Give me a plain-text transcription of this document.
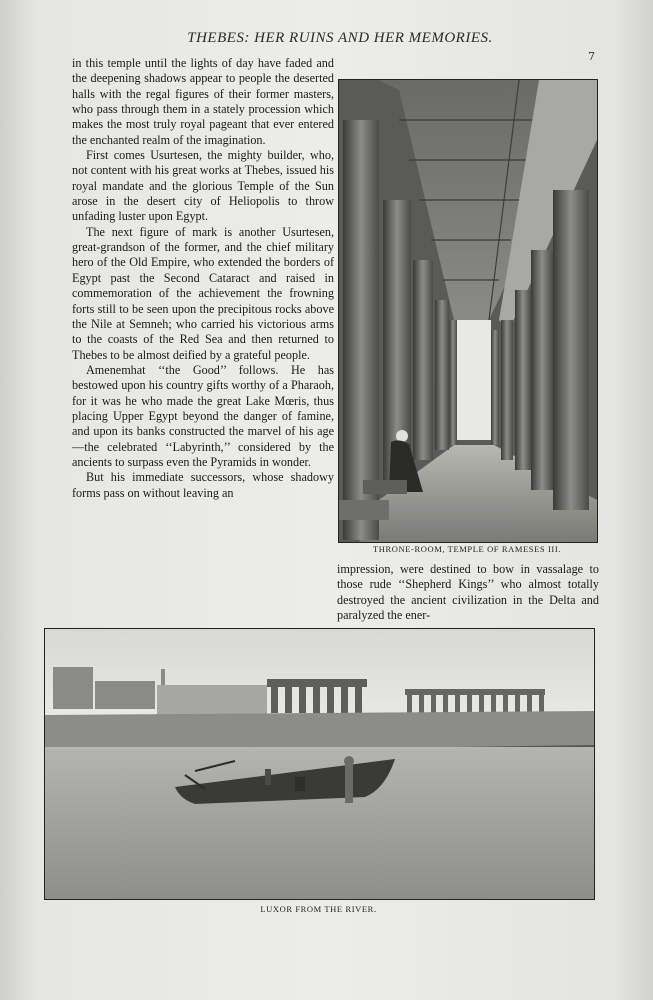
THEBES: HER RUINS AND HER MEMORIES.
7

in this temple until the lights of day have faded and the deepening shadows appear to people the deserted halls with the regal figures of their former masters, who pass through them in a stately procession which makes the most truly royal pageant that ever entered the enchanted realm of the imagination.

First comes Usurtesen, the mighty builder, who, not content with his great works at Thebes, issued his royal mandate and the glorious Temple of the Sun arose in the desert city of Heliopolis to throw unfading luster upon Egypt.

The next figure of mark is another Usurtesen, great-grandson of the former, and the chief military hero of the Old Empire, who extended the borders of Egypt past the Second Cataract and raised in commemoration of the achievement the frowning forts still to be seen upon the precipitous rocks above the Nile at Semneh; who carried his victorious arms to the coasts of the Red Sea and then returned to Thebes to be almost deified by a grateful people.

Amenemhat ‘‘the Good’’ follows. He has bestowed upon his country gifts worthy of a Pharaoh, for it was he who made the great Lake Mœris, thus placing Upper Egypt beyond the danger of famine, and upon its banks constructed the marvel of his age—the celebrated ‘‘Labyrinth,’’ considered by the ancients to surpass even the Pyramids in wonder.

But his immediate successors, whose shadowy forms pass on without leaving an

THRONE-ROOM, TEMPLE OF RAMESES III.

impression, were destined to bow in vassalage to those rude ‘‘Shepherd Kings’’ who almost totally destroyed the ancient civilization in the Delta and paralyzed the ener-

LUXOR FROM THE RIVER.
